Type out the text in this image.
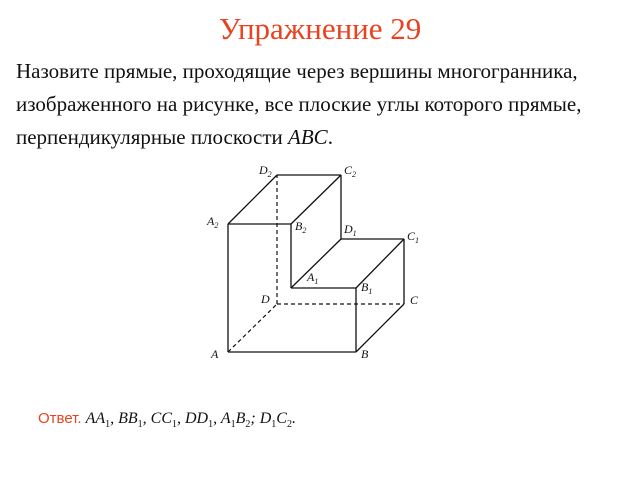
Упражнение 29
Назовите прямые, проходящие через вершины многогранника, изображенного на рисунке, все плоские углы которого прямые, перпендикулярные плоскости ABC.
$D_2$	$C_2$
$A_2$	$B_2$	$D_1$	$C_1$
$A_1$	$B_1$
D	C
A	B
Ответ. $AA_1$, $BB_1$, $CC_1$, $DD_1$, $A_1B_2$; $D_1C_2$.
